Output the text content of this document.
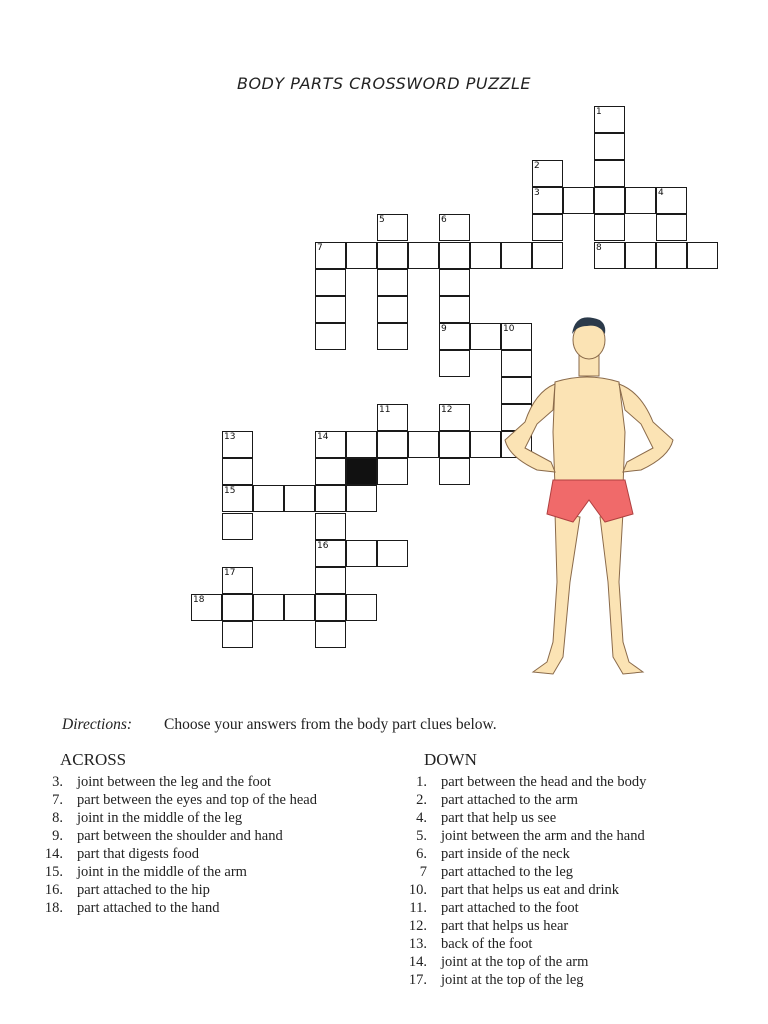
BODY PARTS CROSSWORD PUZZLE
1
8
2
3	4
5	6
9
7
10
11	12
13
15
14
16
17
18
Directions: Choose your answers from the body part clues below.
ACROSS
3. joint between the leg and the foot
7. part between the eyes and top of the head
8. joint in the middle of the leg
9. part between the shoulder and hand
14. part that digests food
15. joint in the middle of the arm
16. part attached to the hip
18. part attached to the hand
DOWN
1. part between the head and the body
2. part attached to the arm
4. part that help us see
5. joint between the arm and the hand
6. part inside of the neck
7 part attached to the leg
10. part that helps us eat and drink
11. part attached to the foot
12. part that helps us hear
13. back of the foot
14. joint at the top of the arm
17. joint at the top of the leg
